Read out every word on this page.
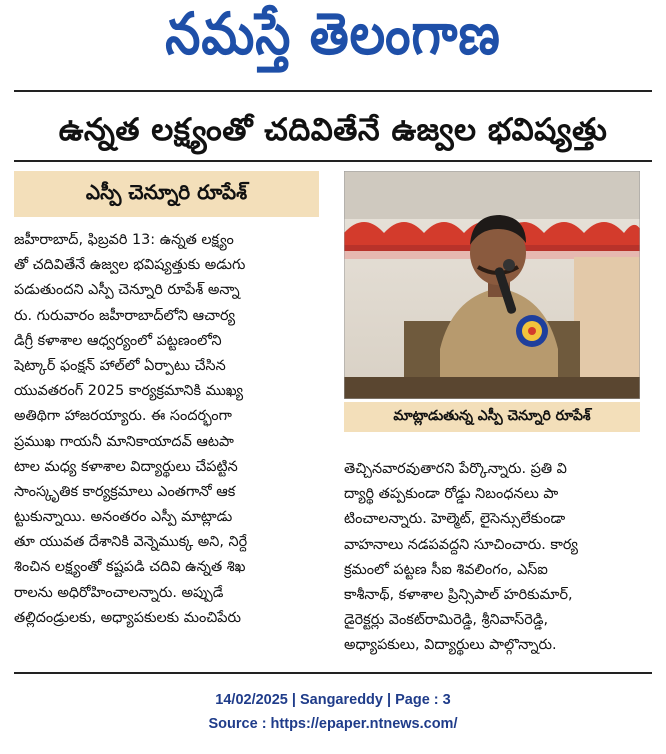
నమస్తే తెలంగాణ
ఉన్నత లక్ష్యంతో చదివితేనే ఉజ్వల భవిష్యత్తు
ఎస్పీ చెన్నూరి రూపేశ్
జహీరాబాద్, ఫిబ్రవరి 13: ఉన్నత లక్ష్యం
తో చదివితేనే ఉజ్వల భవిష్యత్తుకు అడుగు
పడుతుందని ఎస్పీ చెన్నూరి రూపేశ్ అన్నా
రు. గురువారం జహీరాబాద్‌లోని ఆచార్య
డిగ్రీ కళాశాల ఆధ్వర్యంలో పట్టణంలోని
షెట్కార్ ఫంక్షన్ హాల్‌లో ఏర్పాటు చేసిన
యువతరంగ్ 2025 కార్యక్రమానికి ముఖ్య
అతిథిగా హాజరయ్యారు. ఈ సందర్భంగా
ప్రముఖ గాయనీ మానికాయాదవ్ ఆటపా
టాల మధ్య కళాశాల విద్యార్థులు చేపట్టిన
సాంస్కృతిక కార్యక్రమాలు ఎంతగానో ఆక
ట్టుకున్నాయి. అనంతరం ఎస్పీ మాట్లాడు
తూ యువత దేశానికి వెన్నెముక్క అని, నిర్దే
శించిన లక్ష్యంతో కష్టపడి చదివి ఉన్నత శిఖ
రాలను అధిరోహించాలన్నారు. అప్పుడే
తల్లిదండ్రులకు, అధ్యాపకులకు మంచిపేరు
మాట్లాడుతున్న ఎస్పీ చెన్నూరి రూపేశ్
తెచ్చినవారవుతారని పేర్కొన్నారు. ప్రతి వి
ద్యార్థి తప్పకుండా రోడ్డు నిబంధనలు పా
టించాలన్నారు. హెల్మెట్, లైసెన్సులేకుండా
వాహనాలు నడపవద్దని సూచించారు. కార్య
క్రమంలో పట్టణ సీఐ శివలింగం, ఎస్ఐ
కాశీనాథ్, కళాశాల ప్రిన్సిపాల్ హరికుమార్,
డైరెక్టర్లు వెంకట్‌రామిరెడ్డి, శ్రీనివాస్‌రెడ్డి,
అధ్యాపకులు, విద్యార్థులు పాల్గొన్నారు.
14/02/2025 | Sangareddy | Page : 3
Source : https://epaper.ntnews.com/
